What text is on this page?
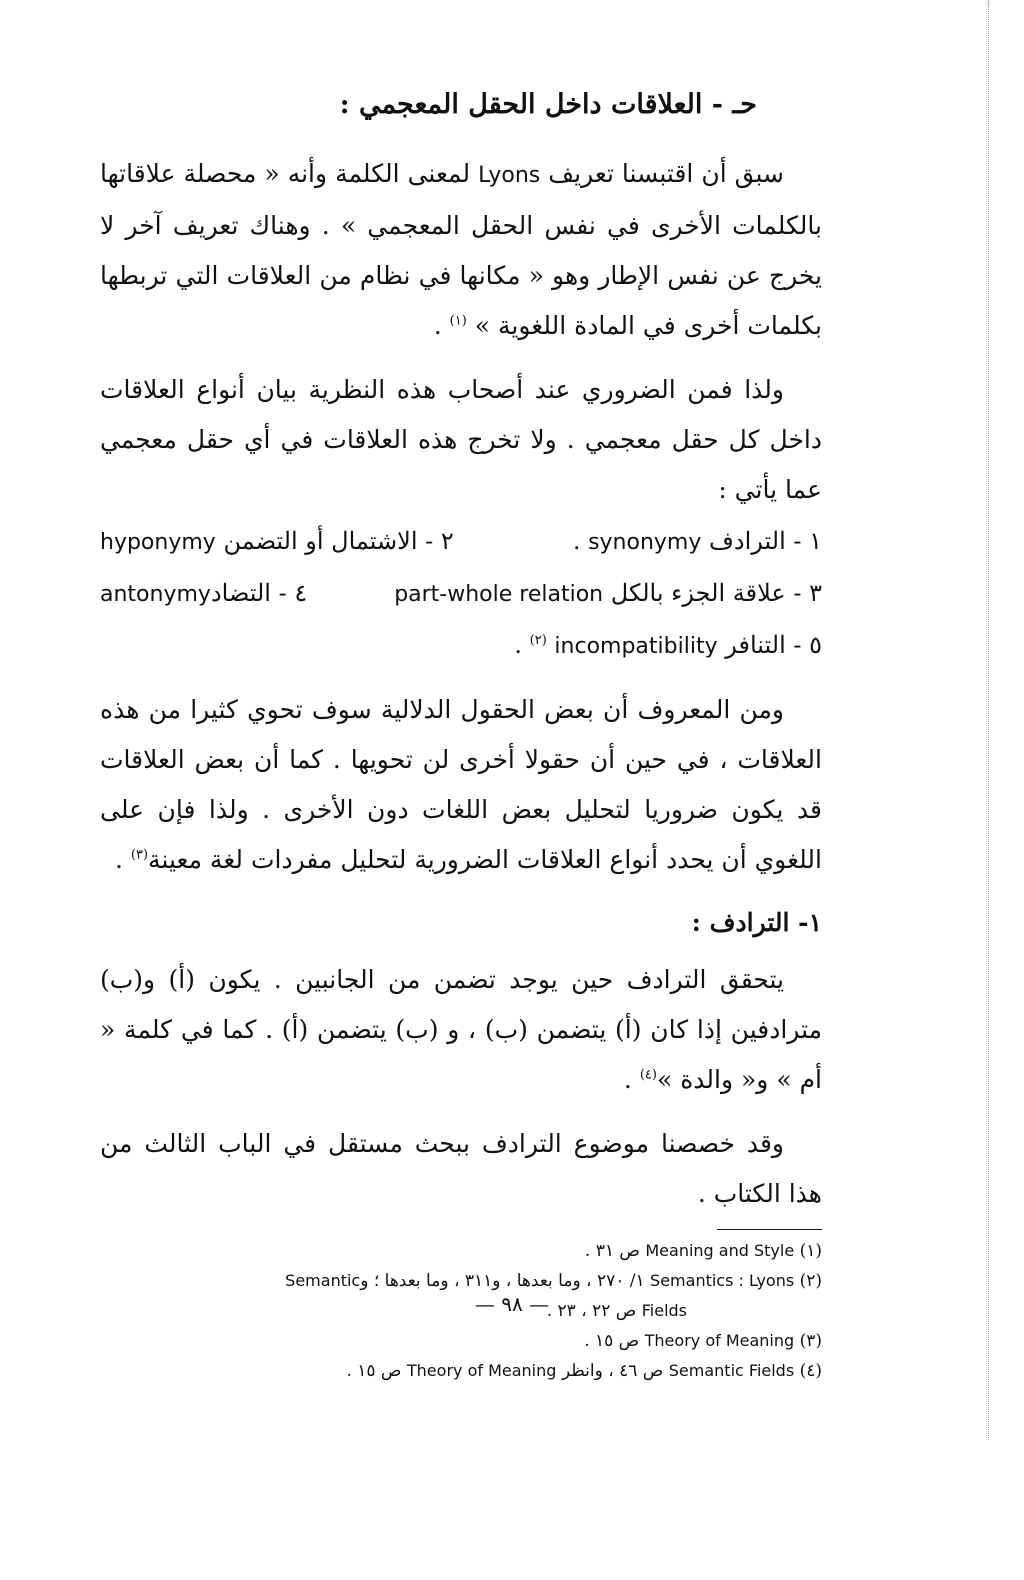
حـ - العلاقات داخل الحقل المعجمي :

سبق أن اقتبسنا تعريف Lyons لمعنى الكلمة وأنه « محصلة علاقاتها بالكلمات الأخرى في نفس الحقل المعجمي » . وهناك تعريف آخر لا يخرج عن نفس الإطار وهو « مكانها في نظام من العلاقات التي تربطها بكلمات أخرى في المادة اللغوية » $^{(١)}$ .

ولذا فمن الضروري عند أصحاب هذه النظرية بيان أنواع العلاقات داخل كل حقل معجمي . ولا تخرج هذه العلاقات في أي حقل معجمي عما يأتي :

١ - الترادف synonymy .
٢ - الاشتمال أو التضمن hyponymy
٣ - علاقة الجزء بالكل part-whole relation
٤ - التضادantonymy
٥ - التنافر incompatibility $^{(٢)}$ .

ومن المعروف أن بعض الحقول الدلالية سوف تحوي كثيرا من هذه العلاقات ، في حين أن حقولا أخرى لن تحويها . كما أن بعض العلاقات قد يكون ضروريا لتحليل بعض اللغات دون الأخرى . ولذا فإن على اللغوي أن يحدد أنواع العلاقات الضرورية لتحليل مفردات لغة معينة$^{(٣)}$ .

١- الترادف :

يتحقق الترادف حين يوجد تضمن من الجانبين . يكون (أ) و(ب) مترادفين إذا كان (أ) يتضمن (ب) ، و (ب) يتضمن (أ) . كما في كلمة « أم » و« والدة »$^{(٤)}$ .

وقد خصصنا موضوع الترادف ببحث مستقل في الباب الثالث من هذا الكتاب .

(١) Meaning and Style ص ٣١ .
(٢) Semantics : Lyons ١/ ٢٧٠ ، وما بعدها ، و٣١١ ، وما بعدها ؛ وSemantic
Fields ص ٢٢ ، ٢٣ .
(٣) Theory of Meaning ص ١٥ .
(٤) Semantic Fields ص ٤٦ ، وانظر Theory of Meaning ص ١٥ .
— ٩٨ —
